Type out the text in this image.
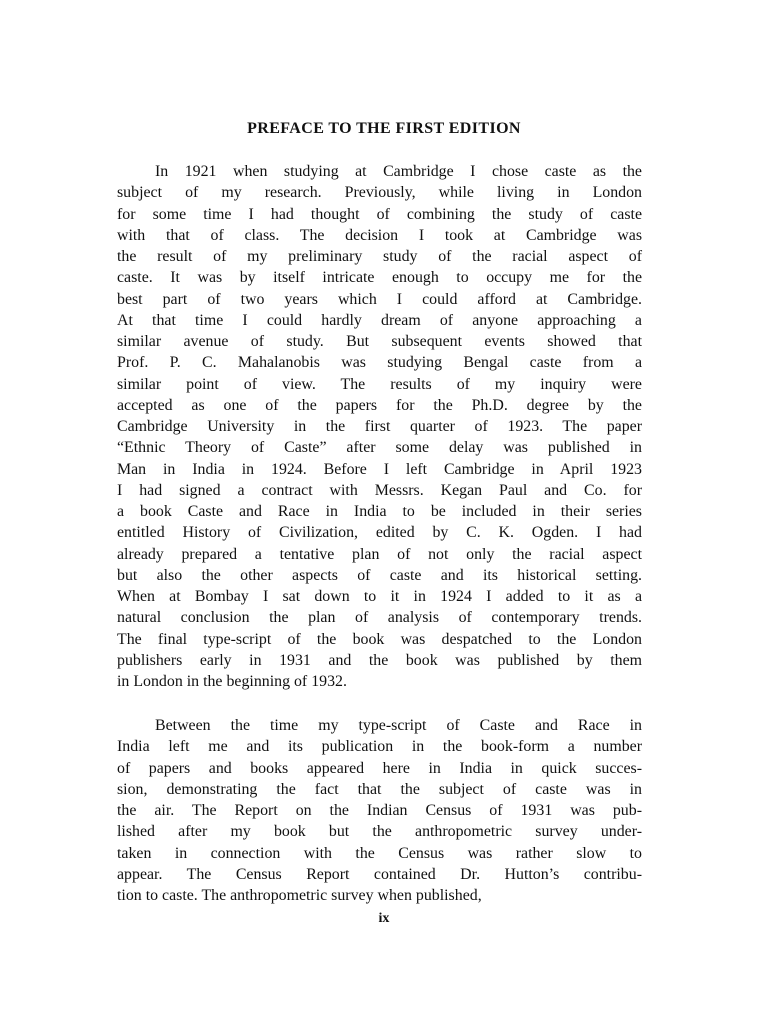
PREFACE TO THE FIRST EDITION
In 1921 when studying at Cambridge I chose caste as the
subject of my research. Previously, while living in London
for some time I had thought of combining the study of caste
with that of class. The decision I took at Cambridge was
the result of my preliminary study of the racial aspect of
caste. It was by itself intricate enough to occupy me for the
best part of two years which I could afford at Cambridge.
At that time I could hardly dream of anyone approaching a
similar avenue of study. But subsequent events showed that
Prof. P. C. Mahalanobis was studying Bengal caste from a
similar point of view. The results of my inquiry were
accepted as one of the papers for the Ph.D. degree by the
Cambridge University in the first quarter of 1923. The paper
“Ethnic Theory of Caste” after some delay was published in
Man in India in 1924. Before I left Cambridge in April 1923
I had signed a contract with Messrs. Kegan Paul and Co. for
a book Caste and Race in India to be included in their series
entitled History of Civilization, edited by C. K. Ogden. I had
already prepared a tentative plan of not only the racial aspect
but also the other aspects of caste and its historical setting.
When at Bombay I sat down to it in 1924 I added to it as a
natural conclusion the plan of analysis of contemporary trends.
The final type-script of the book was despatched to the London
publishers early in 1931 and the book was published by them
in London in the beginning of 1932.
Between the time my type-script of Caste and Race in
India left me and its publication in the book-form a number
of papers and books appeared here in India in quick succes-
sion, demonstrating the fact that the subject of caste was in
the air. The Report on the Indian Census of 1931 was pub-
lished after my book but the anthropometric survey under-
taken in connection with the Census was rather slow to
appear. The Census Report contained Dr. Hutton’s contribu-
tion to caste. The anthropometric survey when published,
ix
